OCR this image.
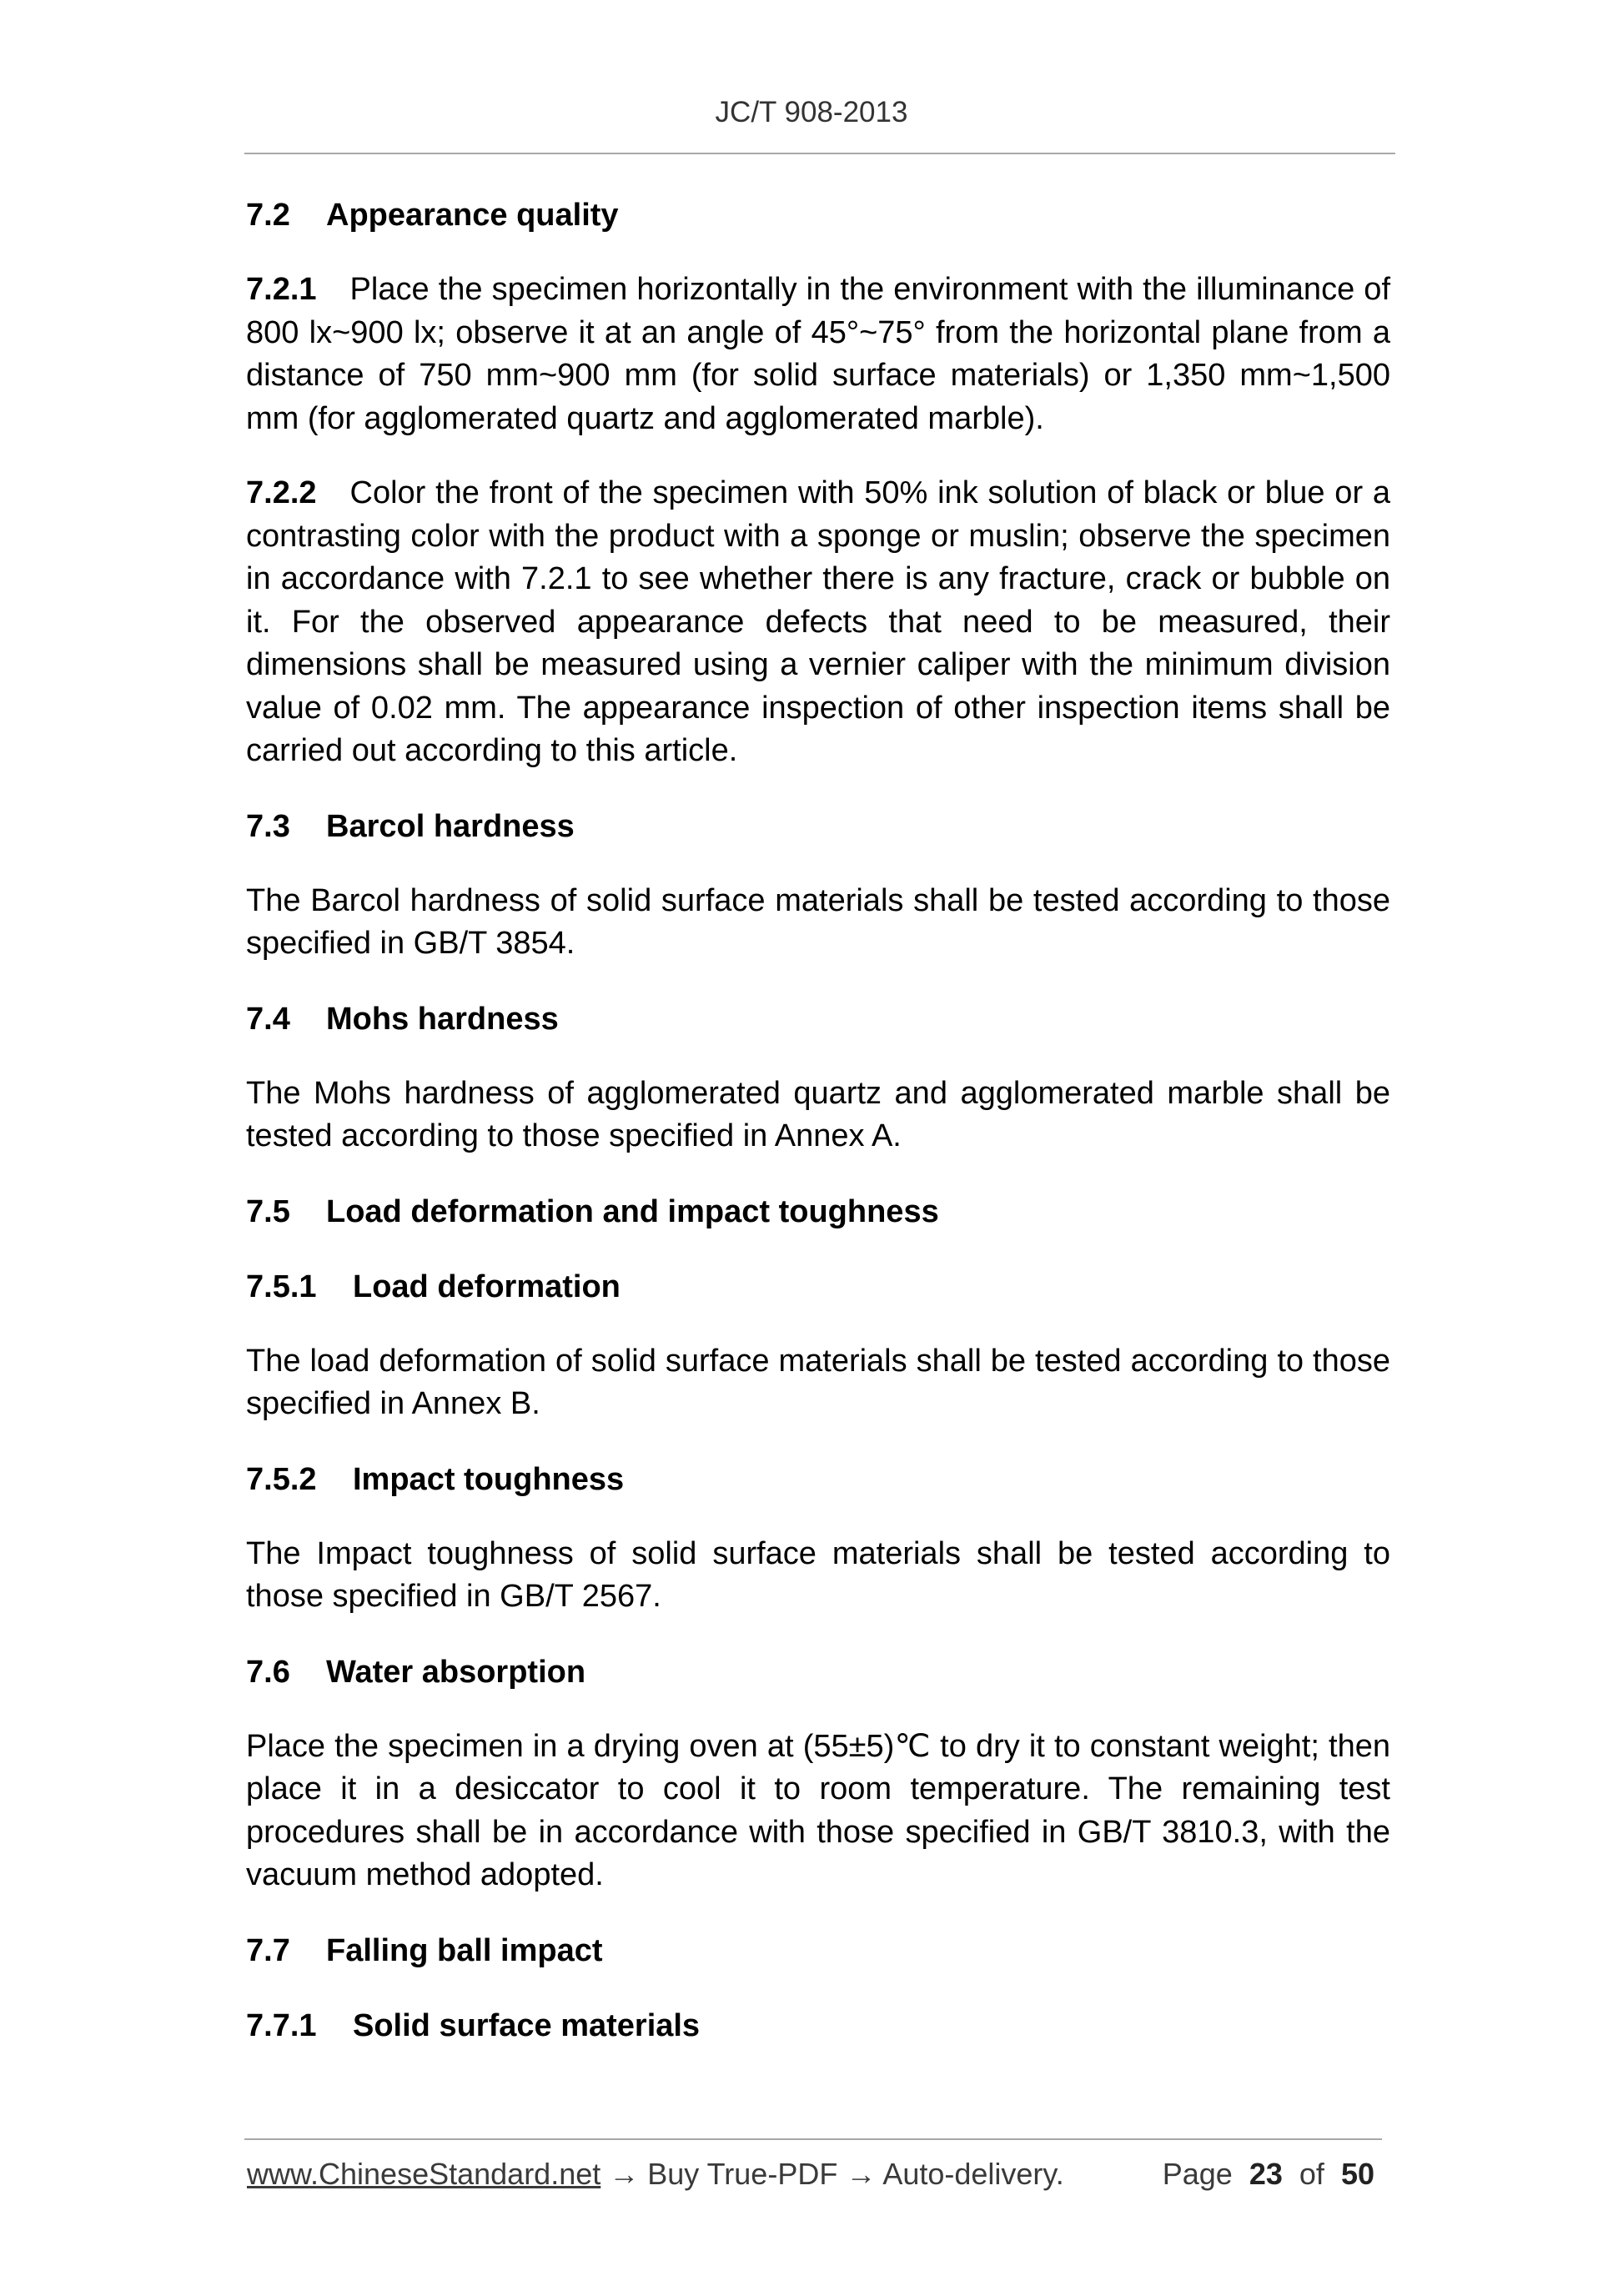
JC/T 908-2013

7.2 Appearance quality

7.2.1 Place the specimen horizontally in the environment with the illuminance of 800 lx~900 lx; observe it at an angle of 45°~75° from the horizontal plane from a distance of 750 mm~900 mm (for solid surface materials) or 1,350 mm~1,500 mm (for agglomerated quartz and agglomerated marble).

7.2.2 Color the front of the specimen with 50% ink solution of black or blue or a contrasting color with the product with a sponge or muslin; observe the specimen in accordance with 7.2.1 to see whether there is any fracture, crack or bubble on it. For the observed appearance defects that need to be measured, their dimensions shall be measured using a vernier caliper with the minimum division value of 0.02 mm. The appearance inspection of other inspection items shall be carried out according to this article.

7.3 Barcol hardness

The Barcol hardness of solid surface materials shall be tested according to those specified in GB/T 3854.

7.4 Mohs hardness

The Mohs hardness of agglomerated quartz and agglomerated marble shall be tested according to those specified in Annex A.

7.5 Load deformation and impact toughness

7.5.1 Load deformation

The load deformation of solid surface materials shall be tested according to those specified in Annex B.

7.5.2 Impact toughness

The Impact toughness of solid surface materials shall be tested according to those specified in GB/T 2567.

7.6 Water absorption

Place the specimen in a drying oven at (55±5)℃ to dry it to constant weight; then place it in a desiccator to cool it to room temperature. The remaining test procedures shall be in accordance with those specified in GB/T 3810.3, with the vacuum method adopted.

7.7 Falling ball impact

7.7.1 Solid surface materials

www.ChineseStandard.net → Buy True-PDF → Auto-delivery.	Page 23 of 50
